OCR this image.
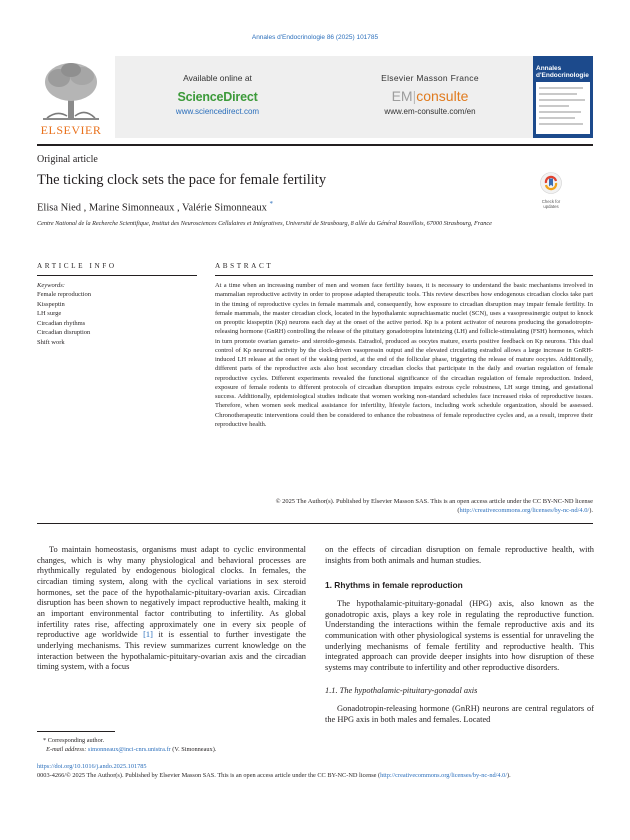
Annales d'Endocrinologie 86 (2025) 101785
ELSEVIER
Available online at
ScienceDirect
www.sciencedirect.com
Elsevier Masson France
EM|consulte
www.em-consulte.com/en
Annales d'Endocrinologie
Original article
The ticking clock sets the pace for female fertility
Elisa Nied , Marine Simonneaux , Valérie Simonneaux *
Centre National de la Recherche Scientifique, Institut des Neurosciences Cellulaires et Intégratives, Université de Strasbourg, 8 allée du Général Rouvillois, 67000 Strasbourg, France
Check for updates
ARTICLE INFO
Keywords:
Female reproduction
Kisspeptin
LH surge
Circadian rhythms
Circadian disruption
Shift work
ABSTRACT
At a time when an increasing number of men and women face fertility issues, it is necessary to understand the basic mechanisms involved in mammalian reproductive activity in order to propose adapted therapeutic tools. This review describes how endogenous circadian clocks take part in the timing of reproductive cycles in female mammals and, consequently, how exposure to circadian disruption may impair female fertility. In female mammals, the master circadian clock, located in the hypothalamic suprachiasmatic nuclei (SCN), uses a vasopressinergic output to knock on preoptic kisspeptin (Kp) neurons each day at the onset of the active period. Kp is a potent activator of neurons producing the gonadotropin-releasing hormone (GnRH) controlling the release of the pituitary gonadotropins luteinizing (LH) and follicle-stimulating (FSH) hormones, which in turn promote ovarian gameto- and steroido-genesis. Estradiol, produced as oocytes mature, exerts positive feedback on Kp neurons. This dual control of Kp neuronal activity by the clock-driven vasopressin output and the elevated circulating estradiol allows a large increase in GnRH-induced LH release at the onset of the waking period, at the end of the follicular phase, triggering the release of mature oocytes. Additionally, different parts of the reproductive axis also host secondary circadian clocks that participate in the daily and ovarian regulation of female reproductive cycles. Different experiments revealed the functional significance of the circadian regulation of female reproduction. Indeed, exposure of female rodents to different protocols of circadian disruption impairs estrous cycle robustness, LH surge timing, and gestational success. Additionally, epidemiological studies indicate that women working non-standard schedules face increased risks of reproductive issues. Therefore, when women seek medical assistance for infertility, lifestyle factors, including work schedule organization, should be assessed. Chronotherapeutic interventions could then be considered to enhance the robustness of female reproductive cycles and, as a result, improve their reproductive health.
© 2025 The Author(s). Published by Elsevier Masson SAS. This is an open access article under the CC BY-NC-ND license (http://creativecommons.org/licenses/by-nc-nd/4.0/).

To maintain homeostasis, organisms must adapt to cyclic environmental changes, which is why many physiological and behavioral processes are rhythmically regulated by endogenous biological clocks. In females, the circadian timing system, along with the cyclical variations in sex steroid hormones, set the pace of the hypothalamic-pituitary-ovarian axis. Circadian disruption has been shown to negatively impact reproductive health, making it an important environmental factor contributing to infertility. As global infertility rates rise, affecting approximately one in every six people of reproductive age worldwide [1] it is essential to further investigate the underlying mechanisms. This review summarizes current knowledge on the interaction between the hypothalamic-pituitary-ovarian axis and the circadian timing system, with a focus

on the effects of circadian disruption on female reproductive health, with insights from both animals and human studies.

1. Rhythms in female reproduction

The hypothalamic-pituitary-gonadal (HPG) axis, also known as the gonadotropic axis, plays a key role in regulating the reproductive function. Understanding the interactions within the female reproductive axis and its communication with other physiological systems is essential for unraveling the underlying mechanisms of female fertility and reproductive health. This integrated approach can provide deeper insights into how disruption of these systems may contribute to infertility and other reproductive disorders.

1.1. The hypothalamic-pituitary-gonadal axis

Gonadotropin-releasing hormone (GnRH) neurons are central regulators of the HPG axis in both males and females. Located

* Corresponding author.
E-mail address: simonneaux@inci-cnrs.unistra.fr (V. Simonneaux).
https://doi.org/10.1016/j.ando.2025.101785
0003-4266/© 2025 The Author(s). Published by Elsevier Masson SAS. This is an open access article under the CC BY-NC-ND license (http://creativecommons.org/licenses/by-nc-nd/4.0/).
